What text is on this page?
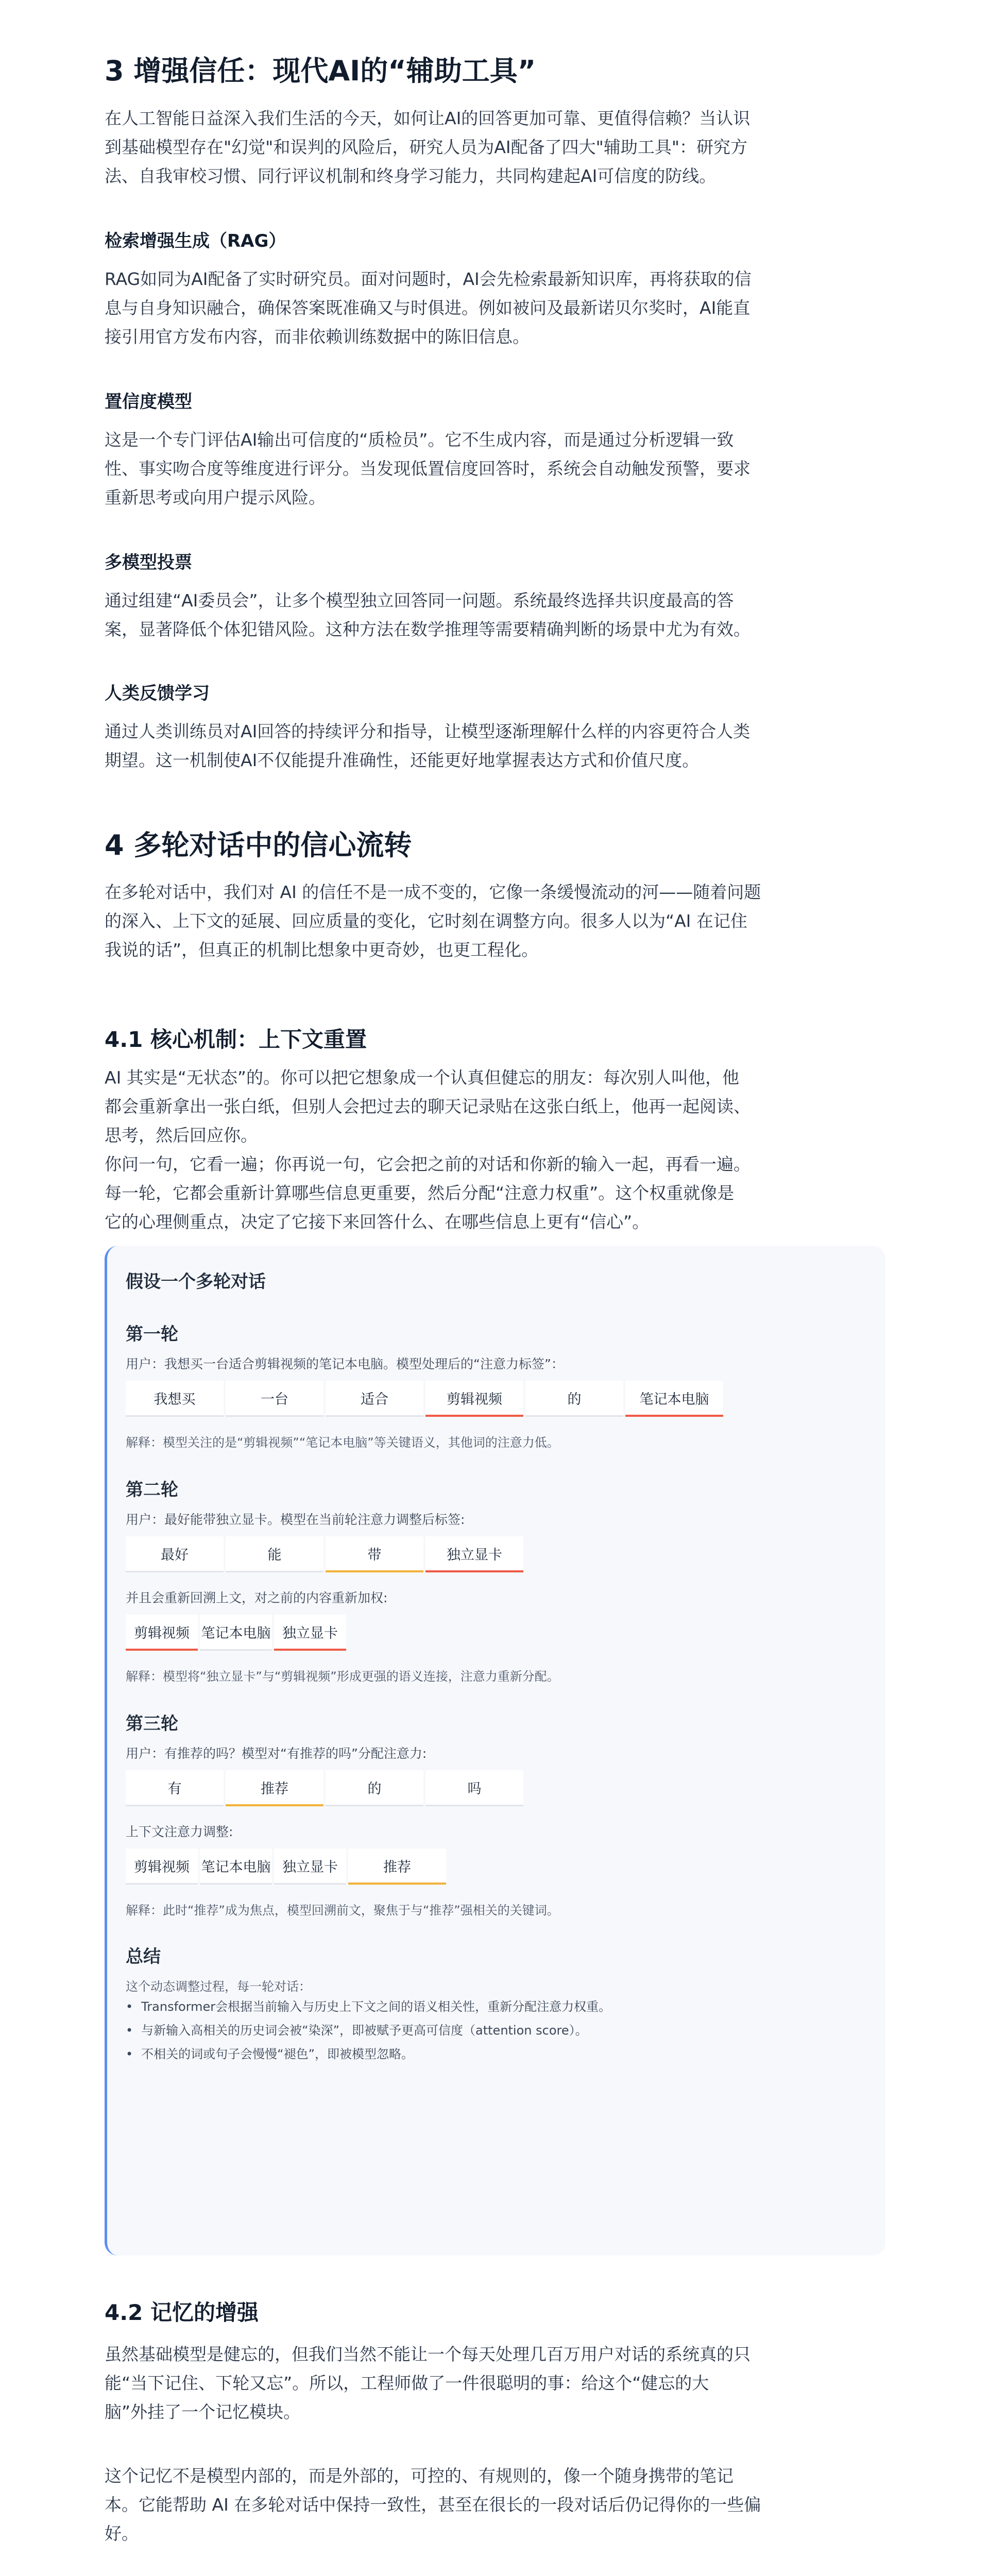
3 增强信任：现代AI的“辅助工具”

在人工智能日益深入我们生活的今天，如何让AI的回答更加可靠、更值得信赖？当认识

到基础模型存在"幻觉"和误判的风险后，研究人员为AI配备了四大"辅助工具"：研究方

法、自我审校习惯、同行评议机制和终身学习能力，共同构建起AI可信度的防线。

检索增强生成（RAG）

RAG如同为AI配备了实时研究员。面对问题时，AI会先检索最新知识库，再将获取的信

息与自身知识融合，确保答案既准确又与时俱进。例如被问及最新诺贝尔奖时，AI能直

接引用官方发布内容，而非依赖训练数据中的陈旧信息。

置信度模型

这是一个专门评估AI输出可信度的“质检员”。它不生成内容，而是通过分析逻辑一致

性、事实吻合度等维度进行评分。当发现低置信度回答时，系统会自动触发预警，要求

重新思考或向用户提示风险。

多模型投票

通过组建“AI委员会”，让多个模型独立回答同一问题。系统最终选择共识度最高的答

案，显著降低个体犯错风险。这种方法在数学推理等需要精确判断的场景中尤为有效。

人类反馈学习

通过人类训练员对AI回答的持续评分和指导，让模型逐渐理解什么样的内容更符合人类

期望。这一机制使AI不仅能提升准确性，还能更好地掌握表达方式和价值尺度。

4 多轮对话中的信心流转

在多轮对话中，我们对 AI 的信任不是一成不变的，它像一条缓慢流动的河——随着问题

的深入、上下文的延展、回应质量的变化，它时刻在调整方向。很多人以为“AI 在记住

我说的话”，但真正的机制比想象中更奇妙，也更工程化。

4.1 核心机制：上下文重置

AI 其实是“无状态”的。你可以把它想象成一个认真但健忘的朋友：每次别人叫他，他

都会重新拿出一张白纸，但别人会把过去的聊天记录贴在这张白纸上，他再一起阅读、

思考，然后回应你。

你问一句，它看一遍；你再说一句，它会把之前的对话和你新的输入一起，再看一遍。

每一轮，它都会重新计算哪些信息更重要，然后分配“注意力权重”。这个权重就像是

它的心理侧重点，决定了它接下来回答什么、在哪些信息上更有“信心”。

假设一个多轮对话
第一轮
用户：我想买一台适合剪辑视频的笔记本电脑。模型处理后的“注意力标签”：
我想买	一台	适合	剪辑视频	的	笔记本电脑
解释：模型关注的是“剪辑视频”“笔记本电脑”等关键语义，其他词的注意力低。
第二轮
用户：最好能带独立显卡。模型在当前轮注意力调整后标签:
最好	能	带	独立显卡
并且会重新回溯上文，对之前的内容重新加权:
剪辑视频 笔记本电脑 独立显卡
解释：模型将“独立显卡”与“剪辑视频”形成更强的语义连接，注意力重新分配。
第三轮
用户：有推荐的吗？模型对“有推荐的吗”分配注意力:
有	推荐	的	吗
上下文注意力调整:
剪辑视频 笔记本电脑 独立显卡	推荐
解释：此时“推荐”成为焦点，模型回溯前文，聚焦于与“推荐”强相关的关键词。
总结
这个动态调整过程，每一轮对话：
• Transformer会根据当前输入与历史上下文之间的语义相关性，重新分配注意力权重。
• 与新输入高相关的历史词会被“染深”，即被赋予更高可信度（attention score）。
• 不相关的词或句子会慢慢“褪色”，即被模型忽略。
4.2 记忆的增强

虽然基础模型是健忘的，但我们当然不能让一个每天处理几百万用户对话的系统真的只

能“当下记住、下轮又忘”。所以，工程师做了一件很聪明的事：给这个“健忘的大

脑”外挂了一个记忆模块。

这个记忆不是模型内部的，而是外部的，可控的、有规则的，像一个随身携带的笔记

本。它能帮助 AI 在多轮对话中保持一致性，甚至在很长的一段对话后仍记得你的一些偏

好。
